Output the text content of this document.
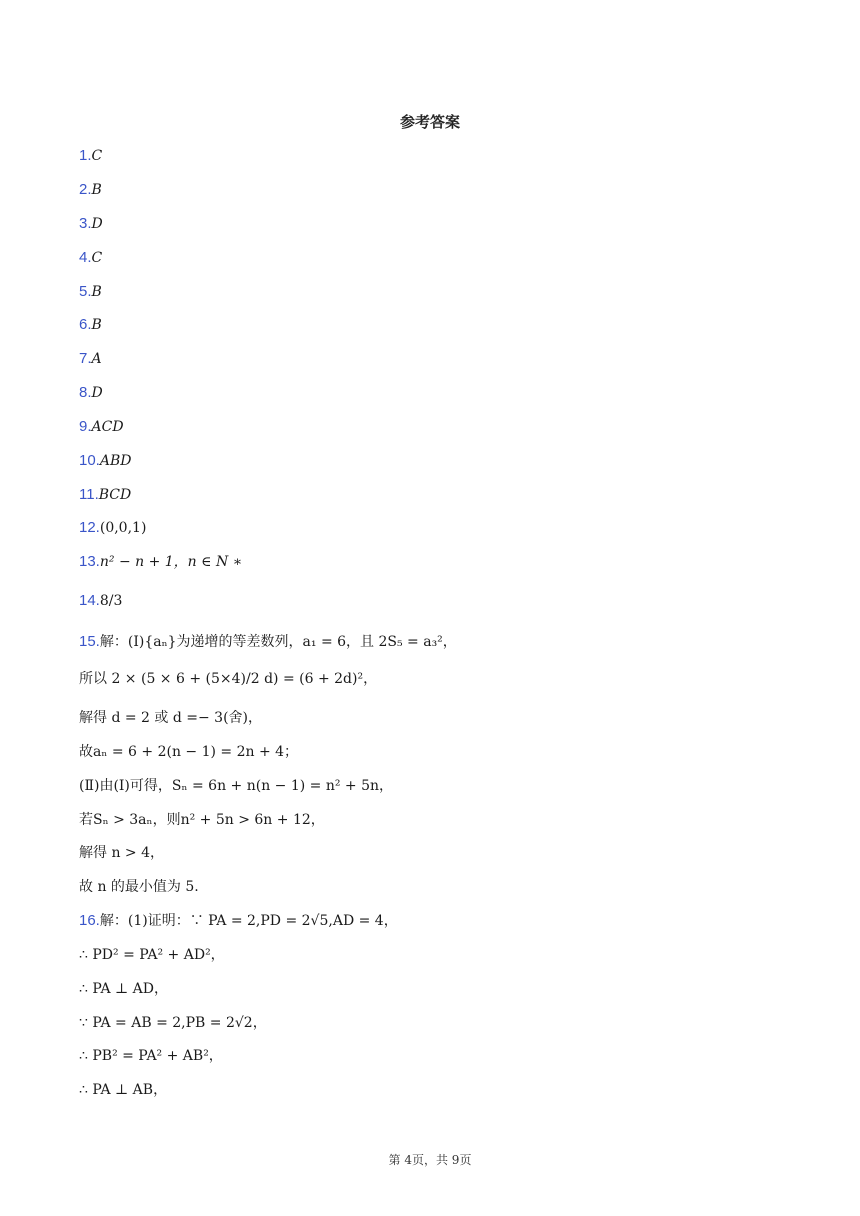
参考答案
1.C
2.B
3.D
4.C
5.B
6.B
7.A
8.D
9.ACD
10.ABD
11.BCD
12.(0,0,1)
13.n² − n + 1，n ∈ N ∗
14.8/3
15.解：(I){aₙ}为递增的等差数列，a₁ = 6，且 2S₅ = a₃²，
所以 2 × (5 × 6 + (5×4)/2 d) = (6 + 2d)²，
解得 d = 2 或 d =− 3(舍)，
故aₙ = 6 + 2(n − 1) = 2n + 4；
(Ⅱ)由(Ⅰ)可得，Sₙ = 6n + n(n − 1) = n² + 5n，
若Sₙ > 3aₙ，则n² + 5n > 6n + 12，
解得 n > 4，
故 n 的最小值为 5.
16.解：(1)证明：∵ PA = 2,PD = 2√5,AD = 4，
∴ PD² = PA² + AD²，
∴ PA ⊥ AD，
∵ PA = AB = 2,PB = 2√2，
∴ PB² = PA² + AB²，
∴ PA ⊥ AB，
第 4页，共 9页
